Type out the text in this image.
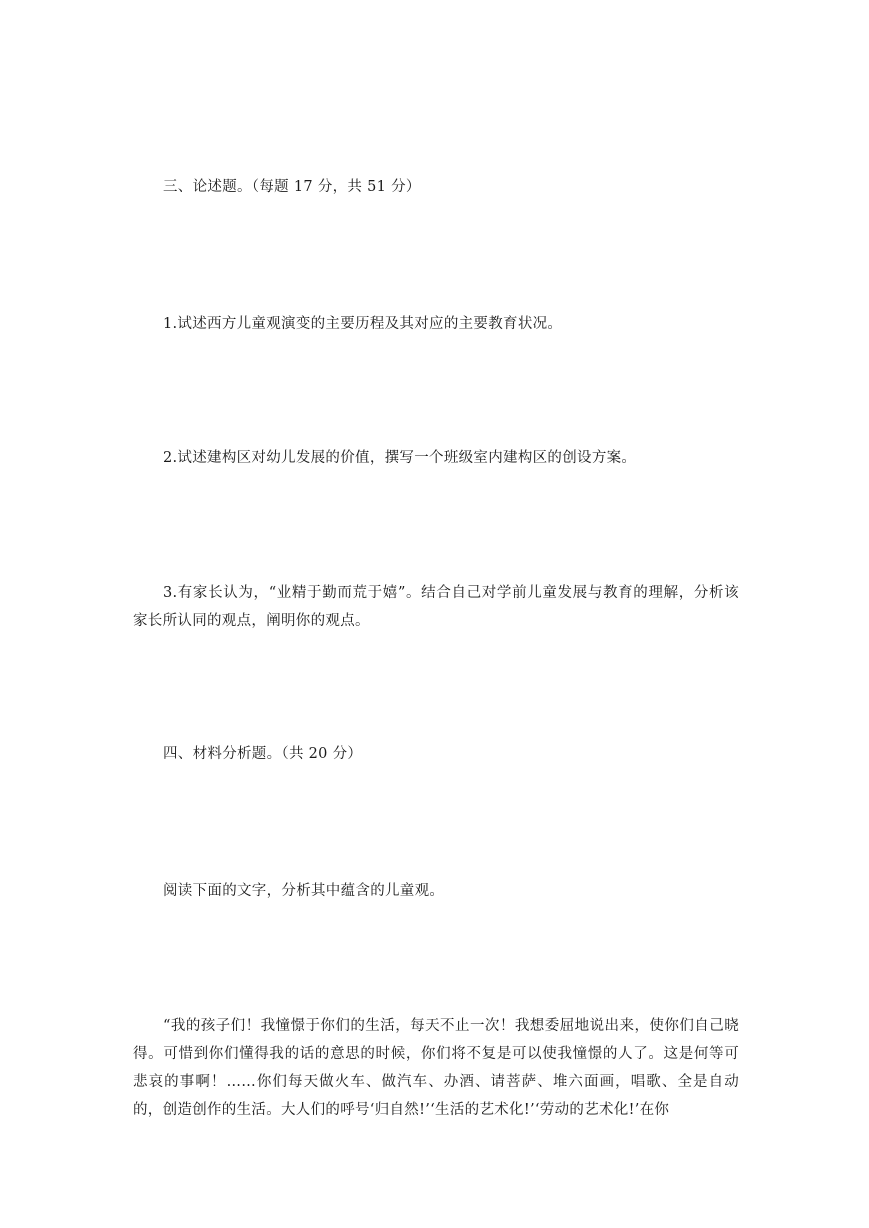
三、论述题。（每题 17 分，共 51 分）
1.试述西方儿童观演变的主要历程及其对应的主要教育状况。
2.试述建构区对幼儿发展的价值，撰写一个班级室内建构区的创设方案。

3.有家长认为，“业精于勤而荒于嬉”。结合自己对学前儿童发展与教育的理解，分析该家长所认同的观点，阐明你的观点。

四、材料分析题。（共 20 分）
阅读下面的文字，分析其中蕴含的儿童观。

“我的孩子们！我憧憬于你们的生活，每天不止一次！我想委屈地说出来，使你们自己晓得。可惜到你们懂得我的话的意思的时候，你们将不复是可以使我憧憬的人了。这是何等可悲哀的事啊！……你们每天做火车、做汽车、办酒、请菩萨、堆六面画，唱歌、全是自动的，创造创作的生活。大人们的呼号‘归自然!’‘生活的艺术化!’‘劳动的艺术化!’在你
